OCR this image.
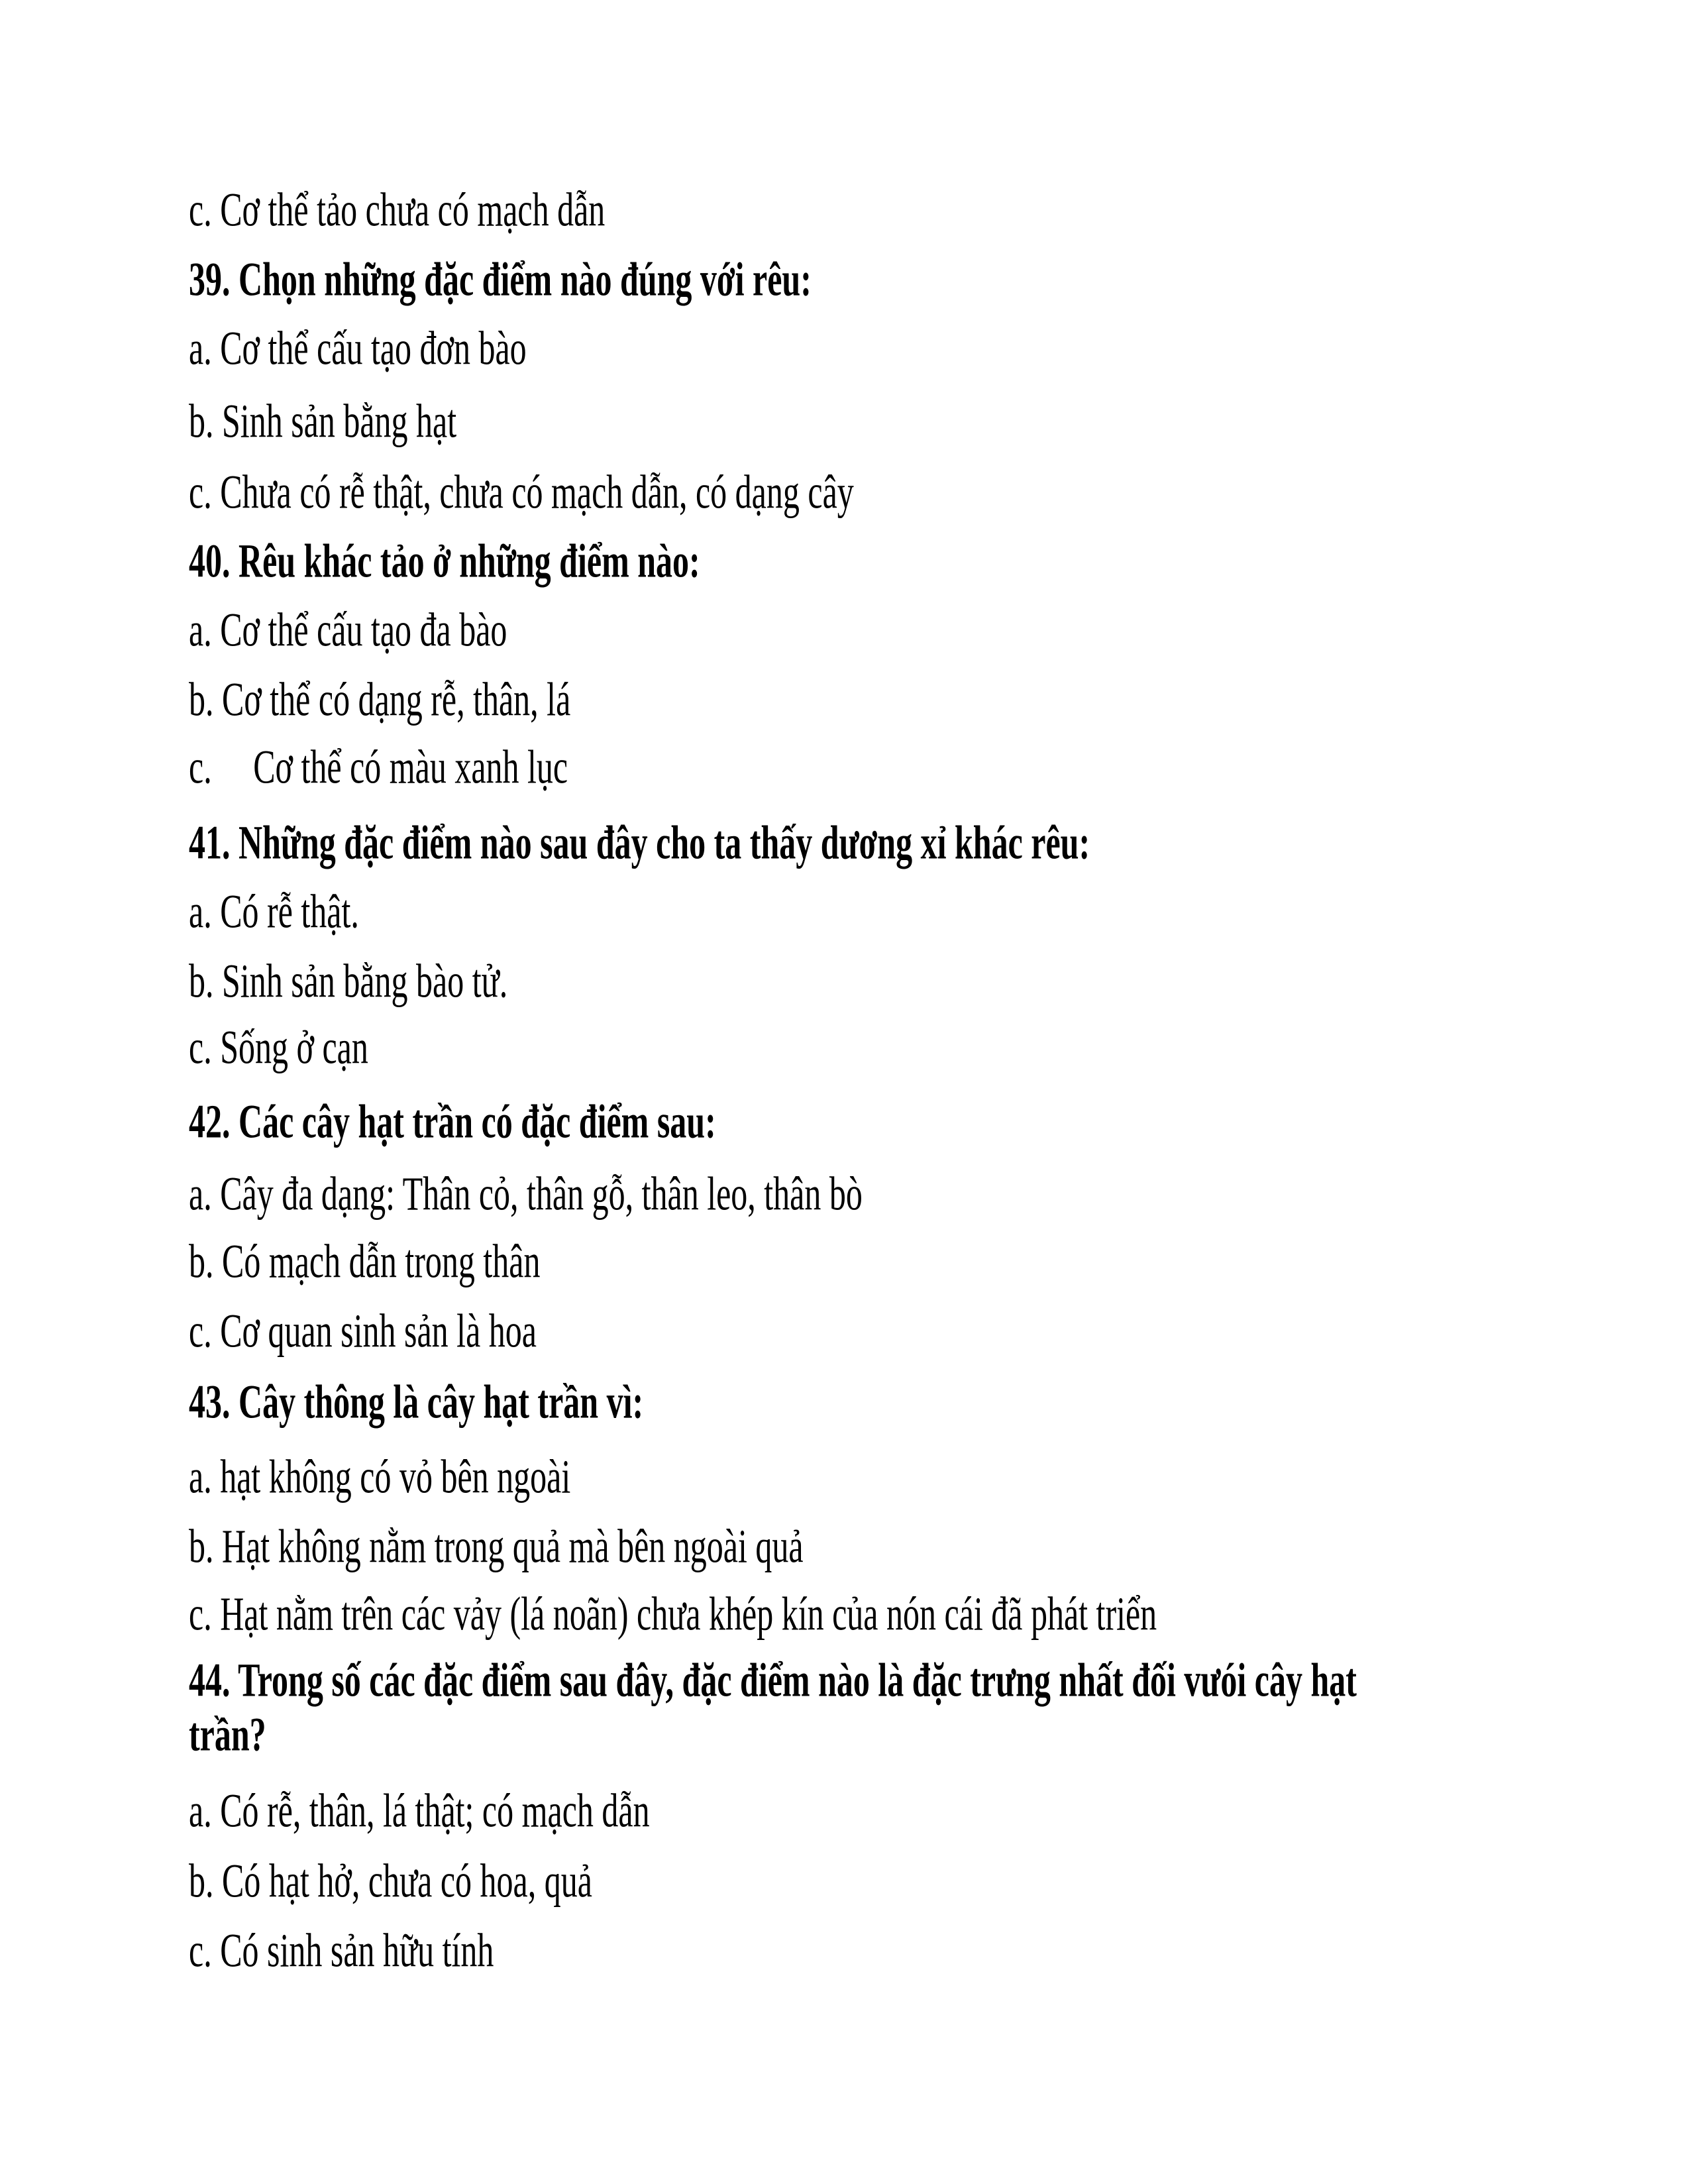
c. Cơ thể tảo chưa có mạch dẫn
39. Chọn những đặc điểm nào đúng với rêu:
a. Cơ thể cấu tạo đơn bào
b. Sinh sản bằng hạt
c. Chưa có rễ thật, chưa có mạch dẫn, có dạng cây
40. Rêu khác tảo ở những điểm nào:
a. Cơ thể cấu tạo đa bào
b. Cơ thể có dạng rễ, thân, lá
c.     Cơ thể có màu xanh lục
41. Những đặc điểm nào sau đây cho ta thấy dương xỉ khác rêu:
a. Có rễ thật.
b. Sinh sản bằng bào tử.
c. Sống ở cạn
42. Các cây hạt trần có đặc điểm sau:
a. Cây đa dạng: Thân cỏ, thân gỗ, thân leo, thân bò
b. Có mạch dẫn trong thân
c. Cơ quan sinh sản là hoa
43. Cây thông là cây hạt trần vì:
a. hạt không có vỏ bên ngoài
b. Hạt không nằm trong quả mà bên ngoài quả
c. Hạt nằm trên các vảy (lá noãn) chưa khép kín của nón cái đã phát triển
44. Trong số các đặc điểm sau đây, đặc điểm nào là đặc trưng nhất đối vưói cây hạt
trần?
a. Có rễ, thân, lá thật; có mạch dẫn
b. Có hạt hở, chưa có hoa, quả
c. Có sinh sản hữu tính
